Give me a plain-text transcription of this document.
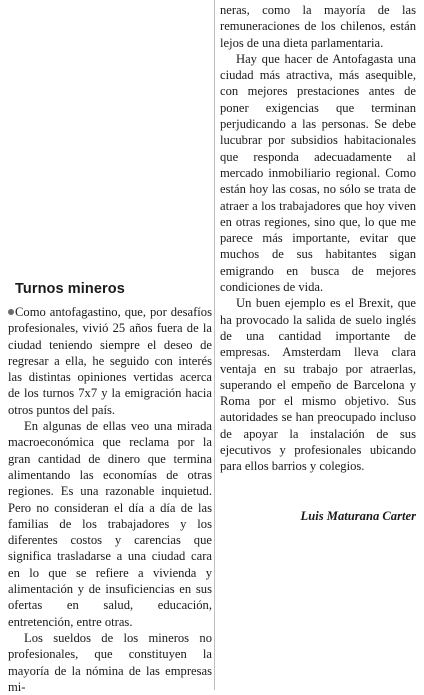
Turnos mineros

Como antofagastino, que, por desafíos profesionales, vivió 25 años fuera de la ciudad teniendo siempre el deseo de regresar a ella, he seguido con interés las distintas opiniones vertidas acerca de los turnos 7x7 y la emigración hacia otros puntos del país.

En algunas de ellas veo una mirada macroeconómica que reclama por la gran cantidad de dinero que termina alimentando las economías de otras regiones. Es una razonable inquietud. Pero no consideran el día a día de las familias de los trabajadores y los diferentes costos y carencias que significa trasladarse a una ciudad cara en lo que se refiere a vivienda y alimentación y de insuficiencias en sus ofertas en salud, educación, entretención, entre otras.

Los sueldos de los mineros no profesionales, que constituyen la mayoría de la nómina de las empresas mi-

neras, como la mayoría de las remuneraciones de los chilenos, están lejos de una dieta parlamentaria.

Hay que hacer de Antofagasta una ciudad más atractiva, más asequible, con mejores prestaciones antes de poner exigencias que terminan perjudicando a las personas. Se debe lucubrar por subsidios habitacionales que responda adecuadamente al mercado inmobiliario regional. Como están hoy las cosas, no sólo se trata de atraer a los trabajadores que hoy viven en otras regiones, sino que, lo que me parece más importante, evitar que muchos de sus habitantes sigan emigrando en busca de mejores condiciones de vida.

Un buen ejemplo es el Brexit, que ha provocado la salida de suelo inglés de una cantidad importante de empresas. Amsterdam lleva clara ventaja en su trabajo por atraerlas, superando el empeño de Barcelona y Roma por el mismo objetivo. Sus autoridades se han preocupado incluso de apoyar la instalación de sus ejecutivos y profesionales ubicando para ellos barrios y colegios.

Luis Maturana Carter
